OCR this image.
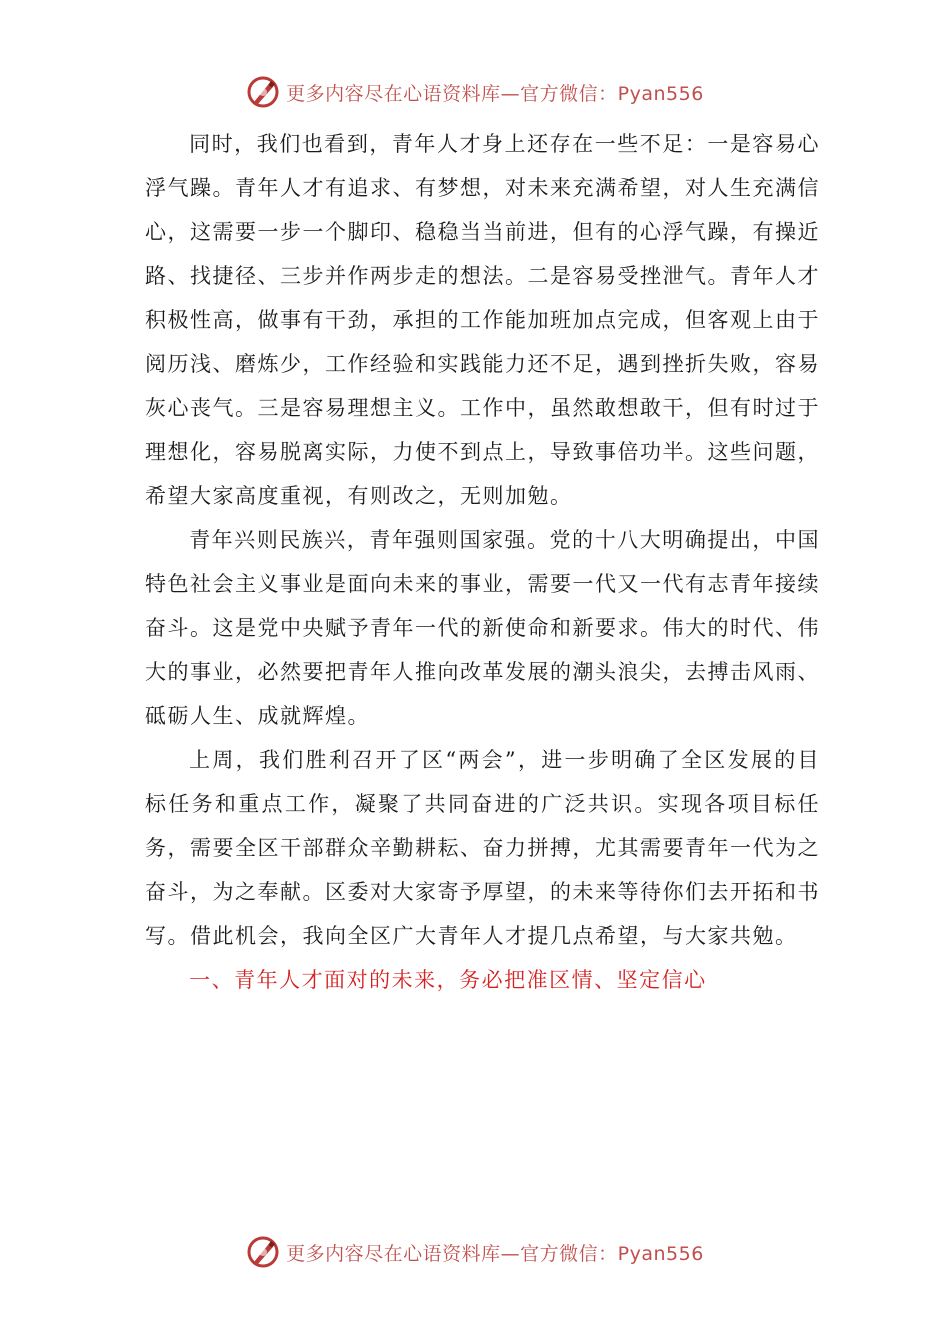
更多内容尽在心语资料库—官方微信：Pyan556

同时，我们也看到，青年人才身上还存在一些不足：一是容易心浮气躁。青年人才有追求、有梦想，对未来充满希望，对人生充满信心，这需要一步一个脚印、稳稳当当前进，但有的心浮气躁，有操近路、找捷径、三步并作两步走的想法。二是容易受挫泄气。青年人才积极性高，做事有干劲，承担的工作能加班加点完成，但客观上由于阅历浅、磨炼少，工作经验和实践能力还不足，遇到挫折失败，容易灰心丧气。三是容易理想主义。工作中，虽然敢想敢干，但有时过于理想化，容易脱离实际，力使不到点上，导致事倍功半。这些问题， 希望大家高度重视，有则改之，无则加勉。

青年兴则民族兴，青年强则国家强。党的十八大明确提出，中国特色社会主义事业是面向未来的事业，需要一代又一代有志青年接续奋斗。这是党中央赋予青年一代的新使命和新要求。伟大的时代、伟大的事业，必然要把青年人推向改革发展的潮头浪尖，去搏击风雨、砥砺人生、成就辉煌。

上周，我们胜利召开了区“两会”，进一步明确了全区发展的目标任务和重点工作，凝聚了共同奋进的广泛共识。实现各项目标任务，需要全区干部群众辛勤耕耘、奋力拼搏，尤其需要青年一代为之奋斗，为之奉献。区委对大家寄予厚望，的未来等待你们去开拓和书写。借此机会，我向全区广大青年人才提几点希望，与大家共勉。

一、青年人才面对的未来，务必把准区情、坚定信心

更多内容尽在心语资料库—官方微信：Pyan556
